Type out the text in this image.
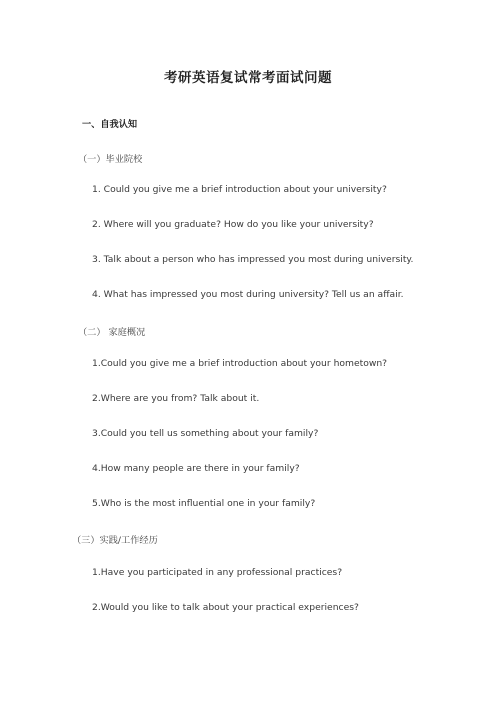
考研英语复试常考面试问题
一、自我认知
（一）毕业院校
1. Could you give me a brief introduction about your university?
2. Where will you graduate? How do you like your university?
3. Talk about a person who has impressed you most during university.
4. What has impressed you most during university? Tell us an affair.
（二） 家庭概况
1.Could you give me a brief introduction about your hometown?
2.Where are you from? Talk about it.
3.Could you tell us something about your family?
4.How many people are there in your family?
5.Who is the most influential one in your family?
（三）实践/工作经历
1.Have you participated in any professional practices?
2.Would you like to talk about your practical experiences?
